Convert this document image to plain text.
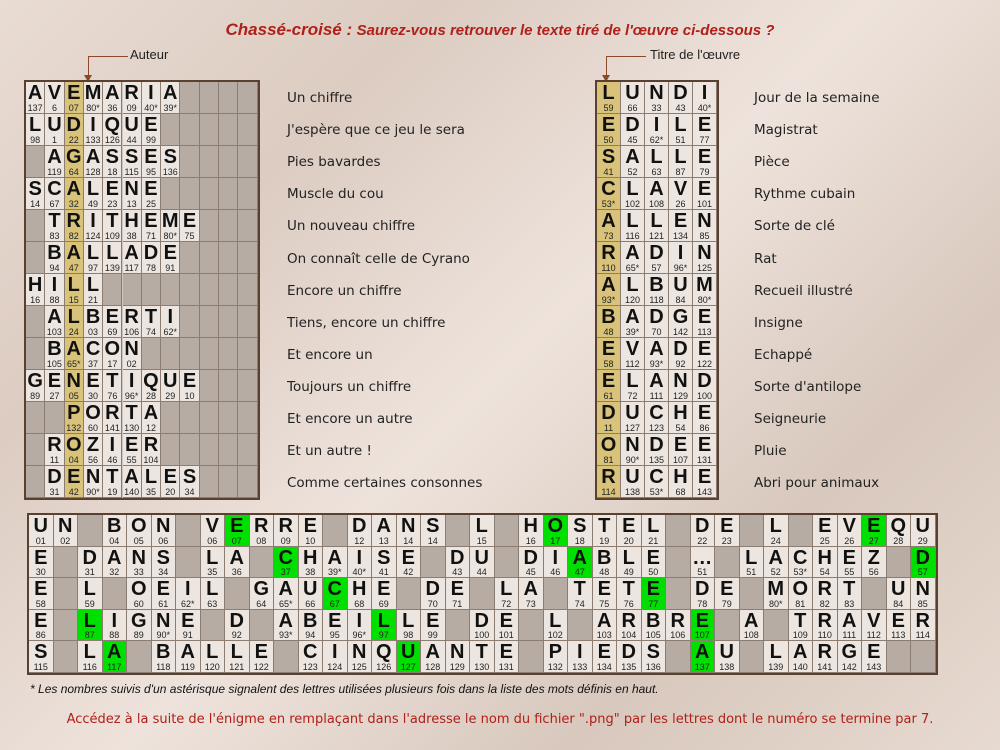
Chassé-croisé : Saurez-vous retrouver le texte tiré de l'œuvre ci-dessous ?
Auteur	Titre de l'œuvre
A
137
V
6
E
07
M
80*
A
36
R
09
I
40*
A
39*
L
98
U
1
D
22
I
133
Q
126
U
44
E
99
A
119
G
64
A
128
S
18
S
115
E
95
S
136
S
14
C
67
A
32
L
49
E
23
N
13
E
25
T
83
R
82
I
124
T
109
H
38
E
71
M
80*
E
75
B
94
A
47
L
97
L
139
A
117
D
78
E
91
H
16
I
88
L
15
L
21
A
103
L
24
B
03
E
69
R
106
T
74
I
62*
B
105
A
65*
C
37
O
17
N
02
G
89
E
27
N
05
E
30
T
76
I
96*
Q
28
U
29
E
10
P
132
O
60
R
141
T
130
A
12
R
11
O
04
Z
56
I
46
E
55
R
104
D
31
E
42
N
90*
T
19
A
140
L
35
E
20
S
34
Un chiffre
J'espère que ce jeu le sera
Pies bavardes
Muscle du cou
Un nouveau chiffre
On connaît celle de Cyrano
Encore un chiffre
Tiens, encore un chiffre
Et encore un
Toujours un chiffre
Et encore un autre
Et un autre !
Comme certaines consonnes
L
59
U
66
N
33
D
43
I
40*
E
50
D
45
I
62*
L
51
E
77
S
41
A
52
L
63
L
87
E
79
C
53*
L
102
A
108
V
26
E
101
A
73
L
116
L
121
E
134
N
85
R
110
A
65*
D
57
I
96*
N
125
A
93*
L
120
B
118
U
84
M
80*
B
48
A
39*
D
70
G
142
E
113
E
58
V
112
A
93*
D
92
E
122
E
61
L
72
A
111
N
129
D
100
D
11
U
127
C
123
H
54
E
86
O
81
N
90*
D
135
E
107
E
131
R
114
U
138
C
53*
H
68
E
143
Jour de la semaine
Magistrat
Pièce
Rythme cubain
Sorte de clé
Rat
Recueil illustré
Insigne
Echappé
Sorte d'antilope
Seigneurie
Pluie
Abri pour animaux
U
01
N
02
B
04
O
05
N
06
V
06
E
07
R
08
R
09
E
10
D
12
A
13
N
14
S
14
L
15
H
16
O
17
S
18
T
19
E
20
L
21
D
22
E
23
L
24
E
25
V
26
E
27
Q
28
U
29
E
30
D
31
A
32
N
33
S
34
L
35
A
36
C
37
H
38
A
39*
I
40*
S
41
E
42
D
43
U
44
D
45
I
46
A
47
B
48
L
49
E
50
…
51
L
51
A
52
C
53*
H
54
E
55
Z
56
D
57
E
58
L
59
O
60
E
61
I
62*
L
63
G
64
A
65*
U
66
C
67
H
68
E
69
D
70
E
71
L
72
A
73
T
74
E
75
T
76
E
77
D
78
E
79
M
80*
O
81
R
82
T
83
U
84
N
85
E
86
L
87
I
88
G
89
N
90*
E
91
D
92
A
93*
B
94
E
95
I
96*
L
97
L
98
E
99
D
100
E
101
L
102
A
103
R
104
B
105
R
106
E
107
A
108
T
109
R
110
A
111
V
112
E
113
R
114
S
115
L
116
A
117
B
118
A
119
L
120
L
121
E
122
C
123
I
124
N
125
Q
126
U
127
A
128
N
129
T
130
E
131
P
132
I
133
E
134
D
135
S
136
A
137
U
138
L
139
A
140
R
141
G
142
E
143
* Les nombres suivis d'un astérisque signalent des lettres utilisées plusieurs fois dans la liste des mots définis en haut.
Accédez à la suite de l'énigme en remplaçant dans l'adresse le nom du fichier ".png" par les lettres dont le numéro se termine par 7.
